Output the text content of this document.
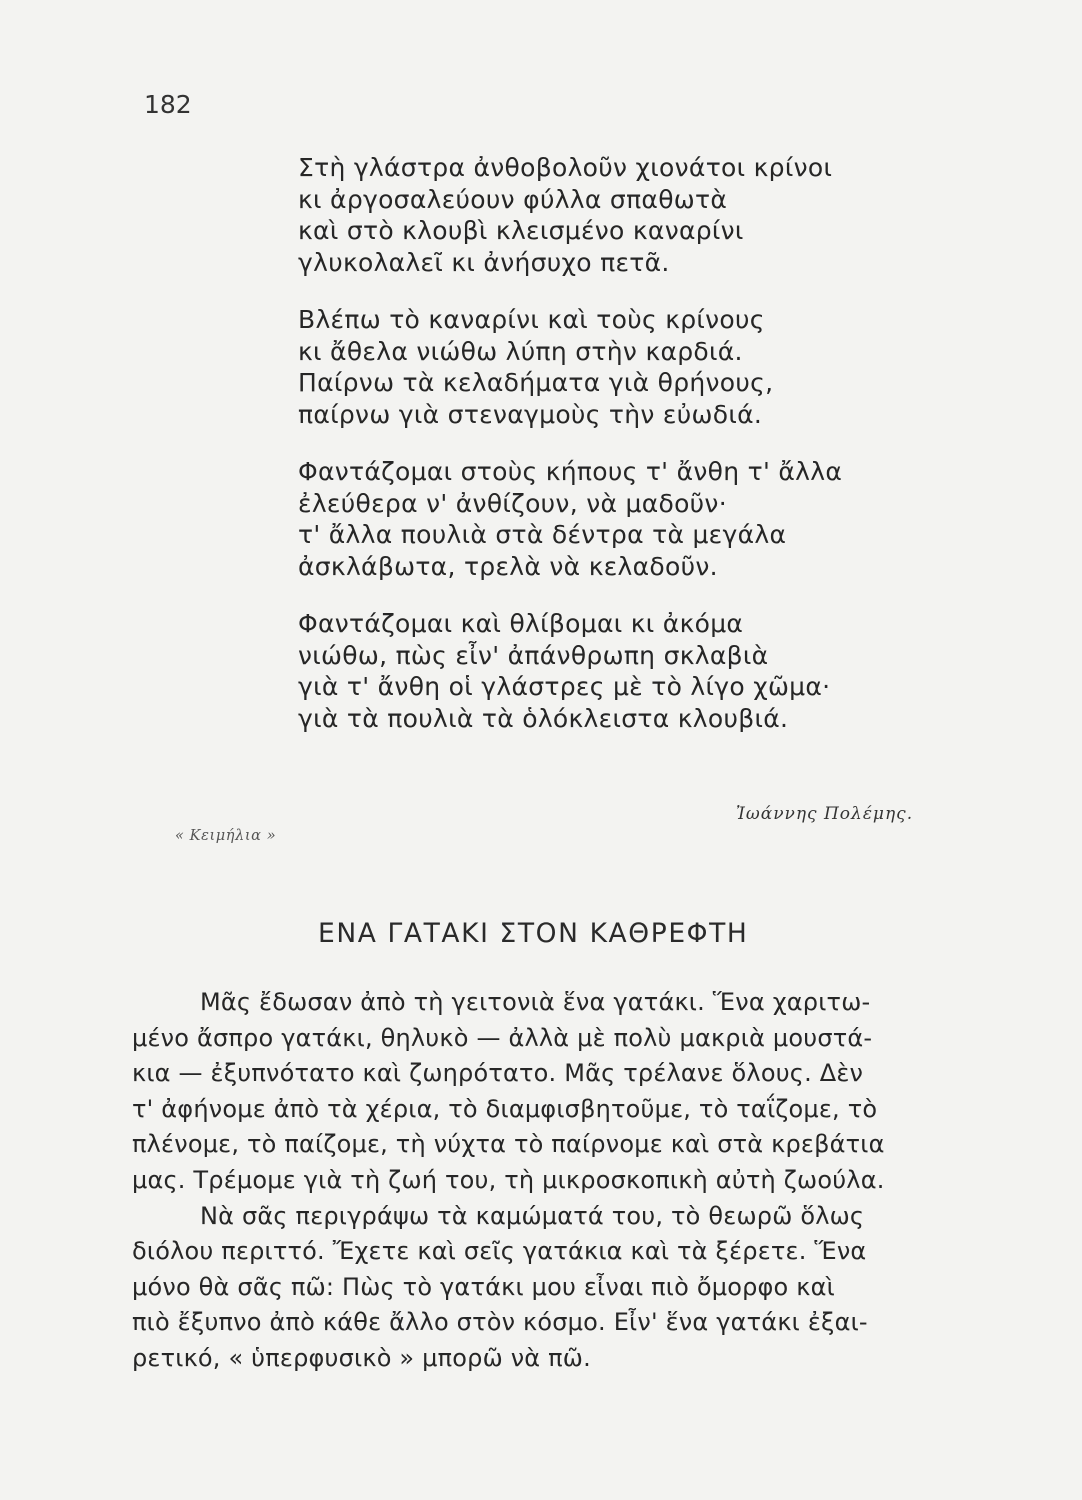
182
Στὴ γλάστρα ἀνθοβολοῦν χιονάτοι κρίνοι
κι ἀργοσαλεύουν φύλλα σπαθωτὰ
καὶ στὸ κλουβὶ κλεισμένο καναρίνι
γλυκολαλεῖ κι ἀνήσυχο πετᾶ.
Βλέπω τὸ καναρίνι καὶ τοὺς κρίνους
κι ἄθελα νιώθω λύπη στὴν καρδιά.
Παίρνω τὰ κελαδήματα γιὰ θρήνους,
παίρνω γιὰ στεναγμοὺς τὴν εὐωδιά.
Φαντάζομαι στοὺς κήπους τ' ἄνθη τ' ἄλλα
ἐλεύθερα ν' ἀνθίζουν, νὰ μαδοῦν·
τ' ἄλλα πουλιὰ στὰ δέντρα τὰ μεγάλα
ἀσκλάβωτα, τρελὰ νὰ κελαδοῦν.
Φαντάζομαι καὶ θλίβομαι κι ἀκόμα
νιώθω, πὼς εἶν' ἀπάνθρωπη σκλαβιὰ
γιὰ τ' ἄνθη οἱ γλάστρες μὲ τὸ λίγο χῶμα·
γιὰ τὰ πουλιὰ τὰ ὁλόκλειστα κλουβιά.
Ἰωάννης Πολέμης.
« Κειμήλια »
ΕΝΑ ΓΑΤΑΚΙ ΣΤΟΝ ΚΑΘΡΕΦΤΗ
Μᾶς ἔδωσαν ἀπὸ τὴ γειτονιὰ ἕνα γατάκι. Ἕνα χαριτω-
μένο ἄσπρο γατάκι, θηλυκὸ — ἀλλὰ μὲ πολὺ μακριὰ μουστά-
κια — ἐξυπνότατο καὶ ζωηρότατο. Μᾶς τρέλανε ὅλους. Δὲν
τ' ἀφήνομε ἀπὸ τὰ χέρια, τὸ διαμφισβητοῦμε, τὸ ταΐζομε, τὸ
πλένομε, τὸ παίζομε, τὴ νύχτα τὸ παίρνομε καὶ στὰ κρεβάτια
μας. Τρέμομε γιὰ τὴ ζωή του, τὴ μικροσκοπικὴ αὐτὴ ζωούλα.
Νὰ σᾶς περιγράψω τὰ καμώματά του, τὸ θεωρῶ ὅλως
διόλου περιττό. Ἔχετε καὶ σεῖς γατάκια καὶ τὰ ξέρετε. Ἕνα
μόνο θὰ σᾶς πῶ: Πὼς τὸ γατάκι μου εἶναι πιὸ ὄμορφο καὶ
πιὸ ἔξυπνο ἀπὸ κάθε ἄλλο στὸν κόσμο. Εἶν' ἕνα γατάκι ἐξαι-
ρετικό, « ὑπερφυσικὸ » μπορῶ νὰ πῶ.
